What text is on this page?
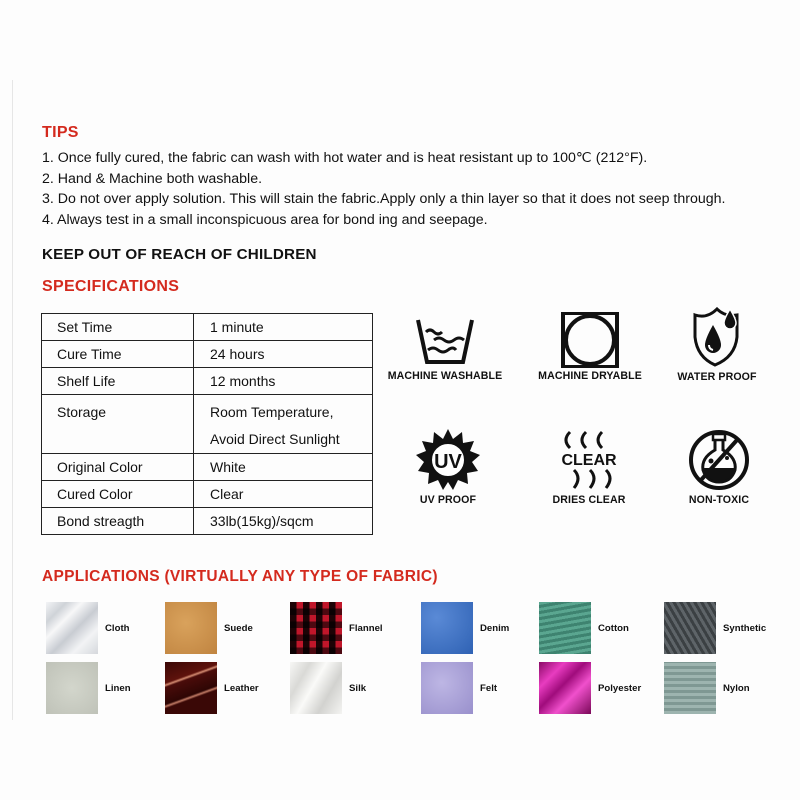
TIPS
1. Once fully cured, the fabric can wash with hot water and is heat resistant up to 100℃ (212°F).
2. Hand & Machine both washable.
3. Do not over apply solution. This will stain the fabric.Apply only a thin layer so that it does not seep through.
4. Always test in a small inconspicuous area for bond ing and seepage.
KEEP OUT OF REACH OF CHILDREN
SPECIFICATIONS
Set Time	1 minute
Cure Time	24 hours
Shelf Life	12 months
Storage	Room Temperature,
Avoid Direct Sunlight

Original Color	White
Cured Color	Clear
Bond streagth	33lb(15kg)/sqcm
MACHINE WASHABLE	MACHINE DRYABLE	WATER PROOF
UV
UV PROOF
CLEAR
DRIES CLEAR	NON-TOXIC
APPLICATIONS (VIRTUALLY ANY TYPE OF FABRIC)
Cloth	Suede	Flannel	Denim	Cotton	Synthetic
Linen	Leather	Silk	Felt	Polyester	Nylon
